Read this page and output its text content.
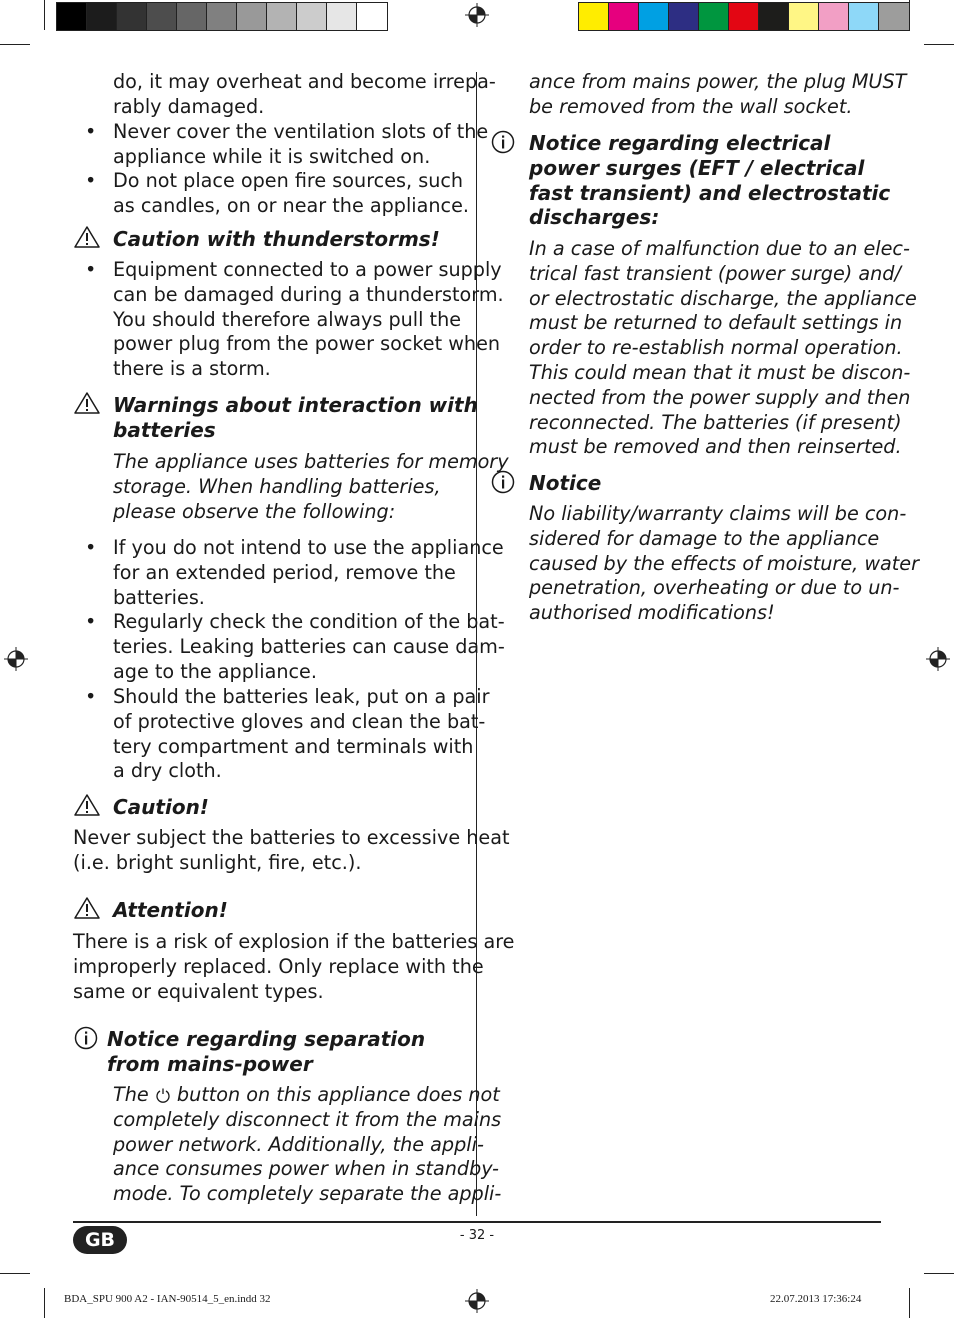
do, it may overheat and become irrepa-
rably damaged.
• Never cover the ventilation slots of the
appliance while it is switched on.
• Do not place open fire sources, such
as candles, on or near the appliance.
Caution with thunderstorms!
• Equipment connected to a power supply
can be damaged during a thunderstorm.
You should therefore always pull the
power plug from the power socket when
there is a storm.
Warnings about interaction with
batteries
The appliance uses batteries for memory
storage. When handling batteries,
please observe the following:
• If you do not intend to use the appliance
for an extended period, remove the
batteries.
• Regularly check the condition of the bat-
teries. Leaking batteries can cause dam-
age to the appliance.
• Should the batteries leak, put on a pair
of protective gloves and clean the bat-
tery compartment and terminals with
a dry cloth.
Caution!
Never subject the batteries to excessive heat
(i.e. bright sunlight, fire, etc.).
Attention!
There is a risk of explosion if the batteries are
improperly replaced. Only replace with the
same or equivalent types.
Notice regarding separation
from mains-power
The button on this appliance does not
completely disconnect it from the mains
power network. Additionally, the appli-
ance consumes power when in standby-
mode. To completely separate the appli-
ance from mains power, the plug MUST
be removed from the wall socket.
Notice regarding electrical
power surges (EFT / electrical
fast transient) and electrostatic
discharges:
In a case of malfunction due to an elec-
trical fast transient (power surge) and/
or electrostatic discharge, the appliance
must be returned to default settings in
order to re-establish normal operation.
This could mean that it must be discon-
nected from the power supply and then
reconnected. The batteries (if present)
must be removed and then reinserted.
Notice
No liability/warranty claims will be con-
sidered for damage to the appliance
caused by the effects of moisture, water
penetration, overheating or due to un-
authorised modifications!
GB	- 32 -
BDA_SPU 900 A2 - IAN-90514_5_en.indd 32	22.07.2013 17:36:24
